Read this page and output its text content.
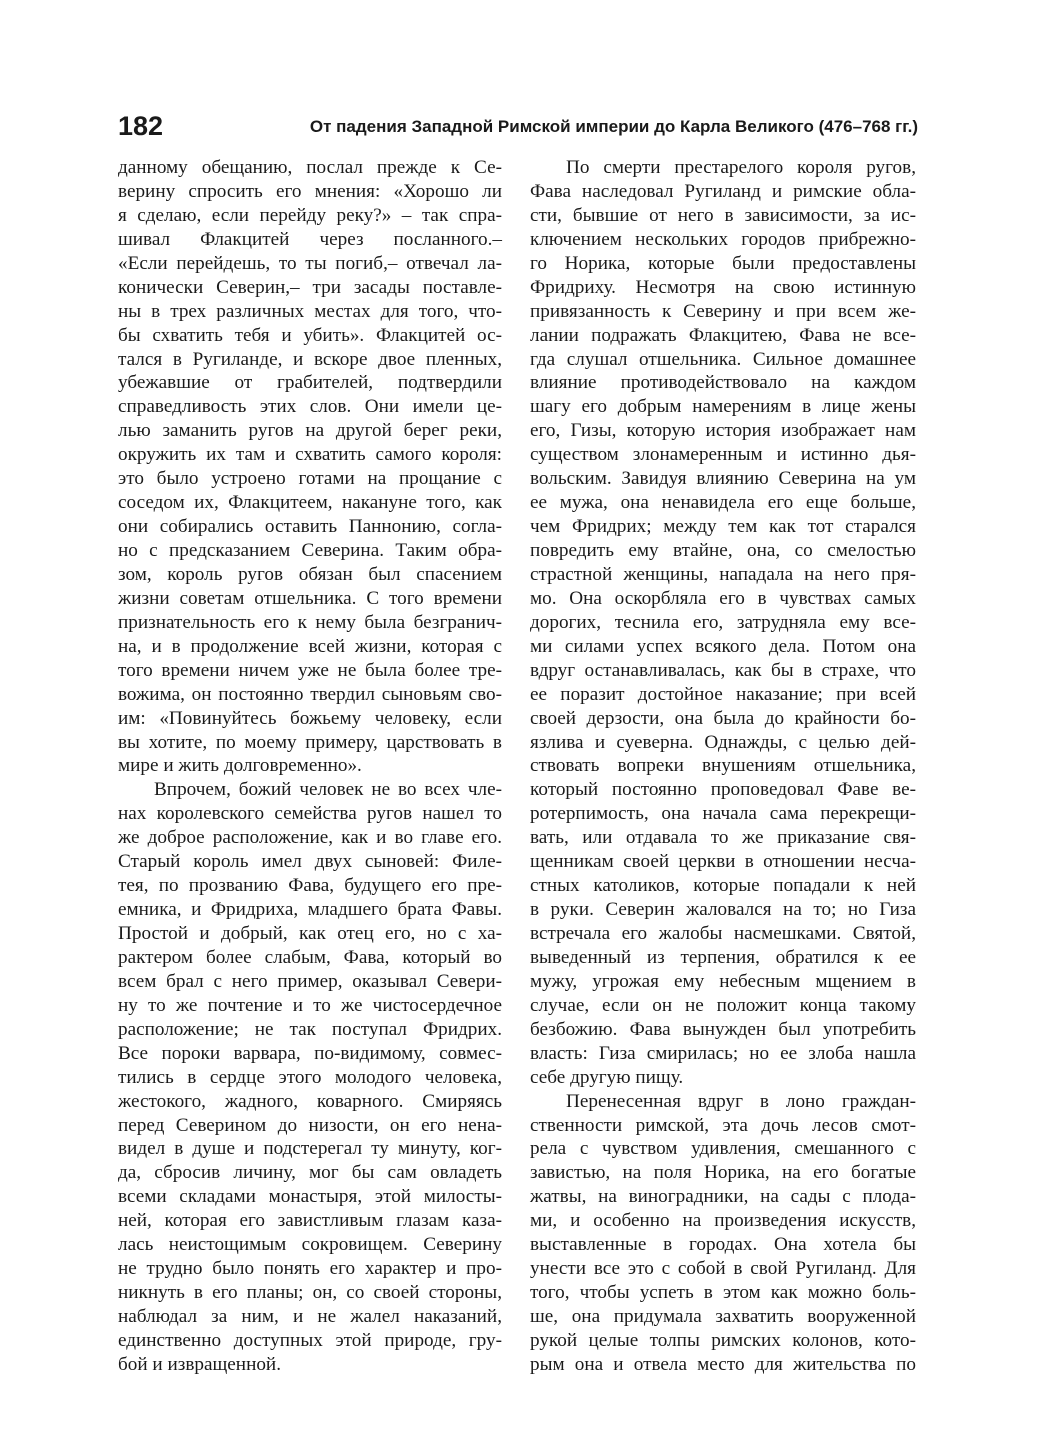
182	От падения Западной Римской империи до Карла Великого (476–768 гг.)
данному обещанию, послал прежде к Се-
верину спросить его мнения: «Хорошо ли
я сделаю, если перейду реку?» – так спра-
шивал Флакцитей через посланного.–
«Если перейдешь, то ты погиб,– отвечал ла-
конически Северин,– три засады поставле-
ны в трех различных местах для того, что-
бы схватить тебя и убить». Флакцитей ос-
тался в Ругиланде, и вскоре двое пленных,
убежавшие от грабителей, подтвердили
справедливость этих слов. Они имели це-
лью заманить ругов на другой берег реки,
окружить их там и схватить самого короля:
это было устроено готами на прощание с
соседом их, Флакцитеем, накануне того, как
они собирались оставить Паннонию, согла-
но с предсказанием Северина. Таким обра-
зом, король ругов обязан был спасением
жизни советам отшельника. С того времени
признательность его к нему была безгранич-
на, и в продолжение всей жизни, которая с
того времени ничем уже не была более тре-
вожима, он постоянно твердил сыновьям сво-
им: «Повинуйтесь божьему человеку, если
вы хотите, по моему примеру, царствовать в
мире и жить долговременно».
Впрочем, божий человек не во всех чле-
нах королевского семейства ругов нашел то
же доброе расположение, как и во главе его.
Старый король имел двух сыновей: Филе-
тея, по прозванию Фава, будущего его пре-
емника, и Фридриха, младшего брата Фавы.
Простой и добрый, как отец его, но с ха-
рактером более слабым, Фава, который во
всем брал с него пример, оказывал Севери-
ну то же почтение и то же чистосердечное
расположение; не так поступал Фридрих.
Все пороки варвара, по-видимому, совмес-
тились в сердце этого молодого человека,
жестокого, жадного, коварного. Смиряясь
перед Северином до низости, он его нена-
видел в душе и подстерегал ту минуту, ког-
да, сбросив личину, мог бы сам овладеть
всеми складами монастыря, этой милосты-
ней, которая его завистливым глазам каза-
лась неистощимым сокровищем. Северину
не трудно было понять его характер и про-
никнуть в его планы; он, со своей стороны,
наблюдал за ним, и не жалел наказаний,
единственно доступных этой природе, гру-
бой и извращенной.
По смерти престарелого короля ругов,
Фава наследовал Ругиланд и римские обла-
сти, бывшие от него в зависимости, за ис-
ключением нескольких городов прибрежно-
го Норика, которые были предоставлены
Фридриху. Несмотря на свою истинную
привязанность к Северину и при всем же-
лании подражать Флакцитею, Фава не все-
гда слушал отшельника. Сильное домашнее
влияние противодействовало на каждом
шагу его добрым намерениям в лице жены
его, Гизы, которую история изображает нам
существом злонамеренным и истинно дья-
вольским. Завидуя влиянию Северина на ум
ее мужа, она ненавидела его еще больше,
чем Фридрих; между тем как тот старался
повредить ему втайне, она, со смелостью
страстной женщины, нападала на него пря-
мо. Она оскорбляла его в чувствах самых
дорогих, теснила его, затрудняла ему все-
ми силами успех всякого дела. Потом она
вдруг останавливалась, как бы в страхе, что
ее поразит достойное наказание; при всей
своей дерзости, она была до крайности бо-
язлива и суеверна. Однажды, с целью дей-
ствовать вопреки внушениям отшельника,
который постоянно проповедовал Фаве ве-
ротерпимость, она начала сама перекрещи-
вать, или отдавала то же приказание свя-
щенникам своей церкви в отношении несча-
стных католиков, которые попадали к ней
в руки. Северин жаловался на то; но Гиза
встречала его жалобы насмешками. Святой,
выведенный из терпения, обратился к ее
мужу, угрожая ему небесным мщением в
случае, если он не положит конца такому
безбожию. Фава вынужден был употребить
власть: Гиза смирилась; но ее злоба нашла
себе другую пищу.
Перенесенная вдруг в лоно граждан-
ственности римской, эта дочь лесов смот-
рела с чувством удивления, смешанного с
завистью, на поля Норика, на его богатые
жатвы, на виноградники, на сады с плода-
ми, и особенно на произведения искусств,
выставленные в городах. Она хотела бы
унести все это с собой в свой Ругиланд. Для
того, чтобы успеть в этом как можно боль-
ше, она придумала захватить вооруженной
рукой целые толпы римских колонов, кото-
рым она и отвела место для жительства по
